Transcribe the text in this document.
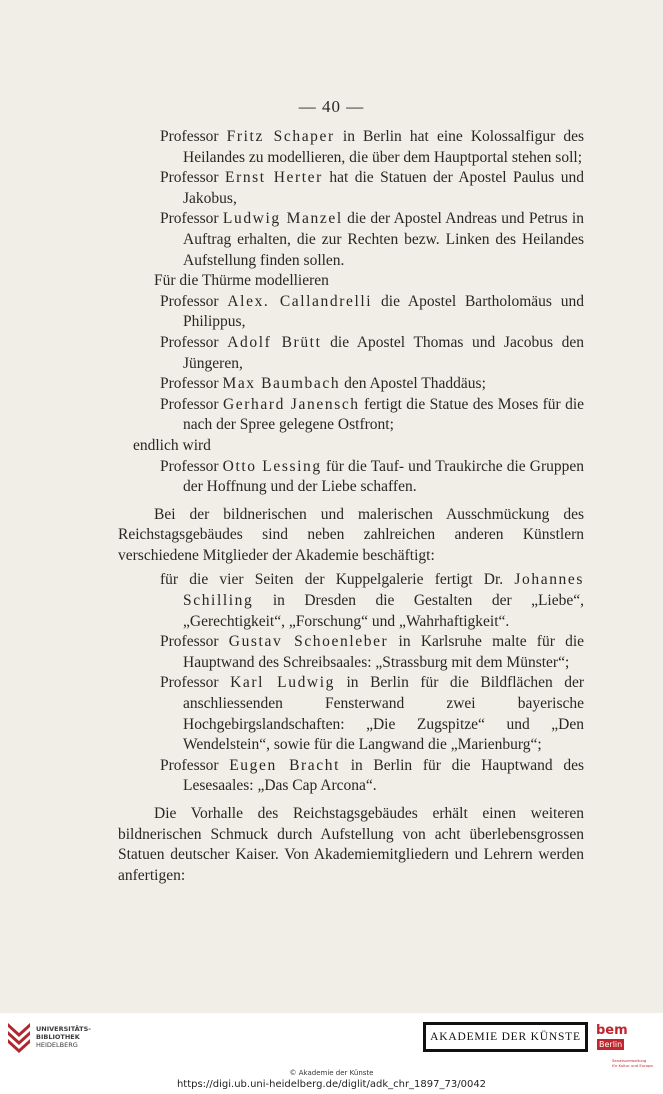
— 40 —
Professor Fritz Schaper in Berlin hat eine Kolossalfigur des Heilandes zu modellieren, die über dem Hauptportal stehen soll;
Professor Ernst Herter hat die Statuen der Apostel Paulus und Jakobus,
Professor Ludwig Manzel die der Apostel Andreas und Petrus in Auftrag erhalten, die zur Rechten bezw. Linken des Heilandes Aufstellung finden sollen.
Für die Thürme modellieren
Professor Alex. Callandrelli die Apostel Bartholomäus und Philippus,
Professor Adolf Brütt die Apostel Thomas und Jacobus den Jüngeren,
Professor Max Baumbach den Apostel Thaddäus;
Professor Gerhard Janensch fertigt die Statue des Moses für die nach der Spree gelegene Ostfront;
endlich wird
Professor Otto Lessing für die Tauf- und Traukirche die Gruppen der Hoffnung und der Liebe schaffen.
Bei der bildnerischen und malerischen Ausschmückung des Reichstagsgebäudes sind neben zahlreichen anderen Künstlern verschiedene Mitglieder der Akademie beschäftigt:
für die vier Seiten der Kuppelgalerie fertigt Dr. Johannes Schilling in Dresden die Gestalten der „Liebe“, „Gerechtigkeit“, „Forschung“ und „Wahrhaftigkeit“.
Professor Gustav Schoenleber in Karlsruhe malte für die Hauptwand des Schreibsaales: „Strassburg mit dem Münster“;
Professor Karl Ludwig in Berlin für die Bildflächen der anschliessenden Fensterwand zwei bayerische Hochgebirgslandschaften: „Die Zugspitze“ und „Den Wendelstein“, sowie für die Langwand die „Marienburg“;
Professor Eugen Bracht in Berlin für die Hauptwand des Lesesaales: „Das Cap Arcona“.
Die Vorhalle des Reichstagsgebäudes erhält einen weiteren bildnerischen Schmuck durch Aufstellung von acht überlebensgrossen Statuen deutscher Kaiser. Von Akademiemitgliedern und Lehrern werden anfertigen:
UNIVERSITÄTS-
BIBLIOTHEK
HEIDELBERG
AKADEMIE DER KÜNSTE	bemBerlin
Senatsverwaltung
für Kultur und Europa
© Akademie der Künste
https://digi.ub.uni-heidelberg.de/diglit/adk_chr_1897_73/0042
